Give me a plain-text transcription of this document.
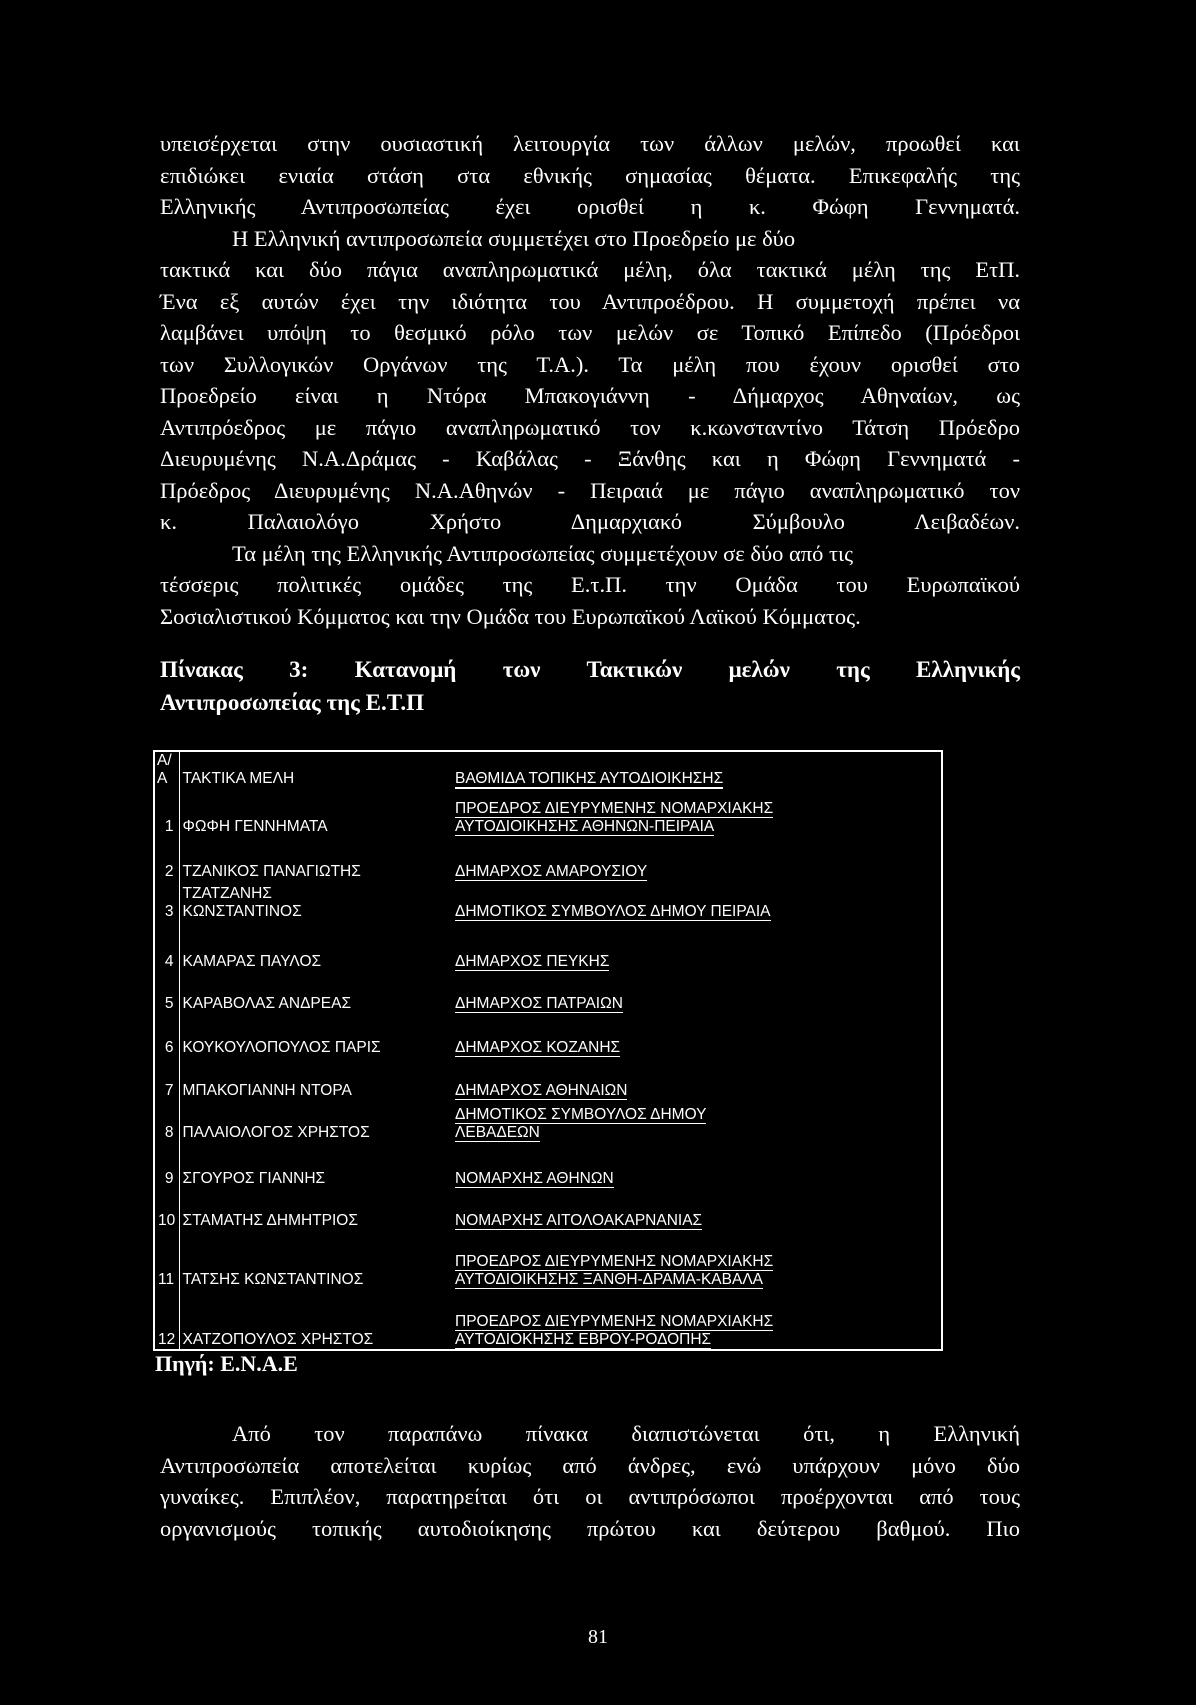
υπεισέρχεται στην ουσιαστική λειτουργία των άλλων μελών, προωθεί και
επιδιώκει ενιαία στάση στα εθνικής σημασίας θέματα. Επικεφαλής της
Ελληνικής Αντιπροσωπείας έχει ορισθεί η κ. Φώφη Γεννηματά.
Η Ελληνική αντιπροσωπεία συμμετέχει στο Προεδρείο με δύο
τακτικά και δύο πάγια αναπληρωματικά μέλη, όλα τακτικά μέλη της ΕτΠ.
Ένα εξ αυτών έχει την ιδιότητα του Αντιπροέδρου. Η συμμετοχή πρέπει να
λαμβάνει υπόψη το θεσμικό ρόλο των μελών σε Τοπικό Επίπεδο (Πρόεδροι
των Συλλογικών Οργάνων της Τ.Α.). Τα μέλη που έχουν ορισθεί στο
Προεδρείο είναι η Ντόρα Μπακογιάννη - Δήμαρχος Αθηναίων, ως
Αντιπρόεδρος με πάγιο αναπληρωματικό τον κ.κωνσταντίνο Τάτση Πρόεδρο
Διευρυμένης Ν.Α.Δράμας - Καβάλας - Ξάνθης και η Φώφη Γεννηματά -
Πρόεδρος Διευρυμένης Ν.Α.Αθηνών - Πειραιά με πάγιο αναπληρωματικό τον
κ. Παλαιολόγο Χρήστο Δημαρχιακό Σύμβουλο Λειβαδέων.
Τα μέλη της Ελληνικής Αντιπροσωπείας συμμετέχουν σε δύο από τις
τέσσερις πολιτικές ομάδες της Ε.τ.Π. την Ομάδα του Ευρωπαϊκού
Σοσιαλιστικού Κόμματος και την Ομάδα του Ευρωπαϊκού Λαϊκού Κόμματος.
Πίνακας 3: Κατανομή των Τακτικών μελών της Ελληνικής
Αντιπροσωπείας της Ε.Τ.Π
Α/Α	ΤΑΚΤΙΚΑ ΜΕΛΗ	ΒΑΘΜΙΔΑ ΤΟΠΙΚΗΣ ΑΥΤΟΔΙΟΙΚΗΣΗΣ
1	ΦΩΦΗ ΓΕΝΝΗΜΑΤΑ	ΠΡΟΕΔΡΟΣ ΔΙΕΥΡΥΜΕΝΗΣ ΝΟΜΑΡΧΙΑΚΗΣ
ΑΥΤΟΔΙΟΙΚΗΣΗΣ ΑΘΗΝΩΝ-ΠΕΙΡΑΙΑ
2	ΤΖΑΝΙΚΟΣ ΠΑΝΑΓΙΩΤΗΣ	ΔΗΜΑΡΧΟΣ ΑΜΑΡΟΥΣΙΟΥ
3	ΤΖΑΤΖΑΝΗΣ
ΚΩΝΣΤΑΝΤΙΝΟΣ	ΔΗΜΟΤΙΚΟΣ ΣΥΜΒΟΥΛΟΣ ΔΗΜΟΥ ΠΕΙΡΑΙΑ
4	ΚΑΜΑΡΑΣ ΠΑΥΛΟΣ	ΔΗΜΑΡΧΟΣ ΠΕΥΚΗΣ
5	ΚΑΡΑΒΟΛΑΣ ΑΝΔΡΕΑΣ	ΔΗΜΑΡΧΟΣ ΠΑΤΡΑΙΩΝ
6	ΚΟΥΚΟΥΛΟΠΟΥΛΟΣ ΠΑΡΙΣ	ΔΗΜΑΡΧΟΣ ΚΟΖΑΝΗΣ
7	ΜΠΑΚΟΓΙΑΝΝΗ ΝΤΟΡΑ	ΔΗΜΑΡΧΟΣ ΑΘΗΝΑΙΩΝ
8	ΠΑΛΑΙΟΛΟΓΟΣ ΧΡΗΣΤΟΣ	ΔΗΜΟΤΙΚΟΣ ΣΥΜΒΟΥΛΟΣ ΔΗΜΟΥ
ΛΕΒΑΔΕΩΝ
9	ΣΓΟΥΡΟΣ ΓΙΑΝΝΗΣ	ΝΟΜΑΡΧΗΣ ΑΘΗΝΩΝ
10	ΣΤΑΜΑΤΗΣ ΔΗΜΗΤΡΙΟΣ	ΝΟΜΑΡΧΗΣ ΑΙΤΟΛΟΑΚΑΡΝΑΝΙΑΣ
11	ΤΑΤΣΗΣ ΚΩΝΣΤΑΝΤΙΝΟΣ	ΠΡΟΕΔΡΟΣ ΔΙΕΥΡΥΜΕΝΗΣ ΝΟΜΑΡΧΙΑΚΗΣ
ΑΥΤΟΔΙΟΙΚΗΣΗΣ ΞΑΝΘΗ-ΔΡΑΜΑ-ΚΑΒΑΛΑ
12	ΧΑΤΖΟΠΟΥΛΟΣ ΧΡΗΣΤΟΣ	ΠΡΟΕΔΡΟΣ ΔΙΕΥΡΥΜΕΝΗΣ ΝΟΜΑΡΧΙΑΚΗΣ
ΑΥΤΟΔΙΟΚΗΣΗΣ ΕΒΡΟΥ-ΡΟΔΟΠΗΣ
Πηγή: Ε.Ν.Α.Ε
Από τον παραπάνω πίνακα διαπιστώνεται ότι, η Ελληνική
Αντιπροσωπεία αποτελείται κυρίως από άνδρες, ενώ υπάρχουν μόνο δύο
γυναίκες. Επιπλέον, παρατηρείται ότι οι αντιπρόσωποι προέρχονται από τους
οργανισμούς τοπικής αυτοδιοίκησης πρώτου και δεύτερου βαθμού. Πιο
81
